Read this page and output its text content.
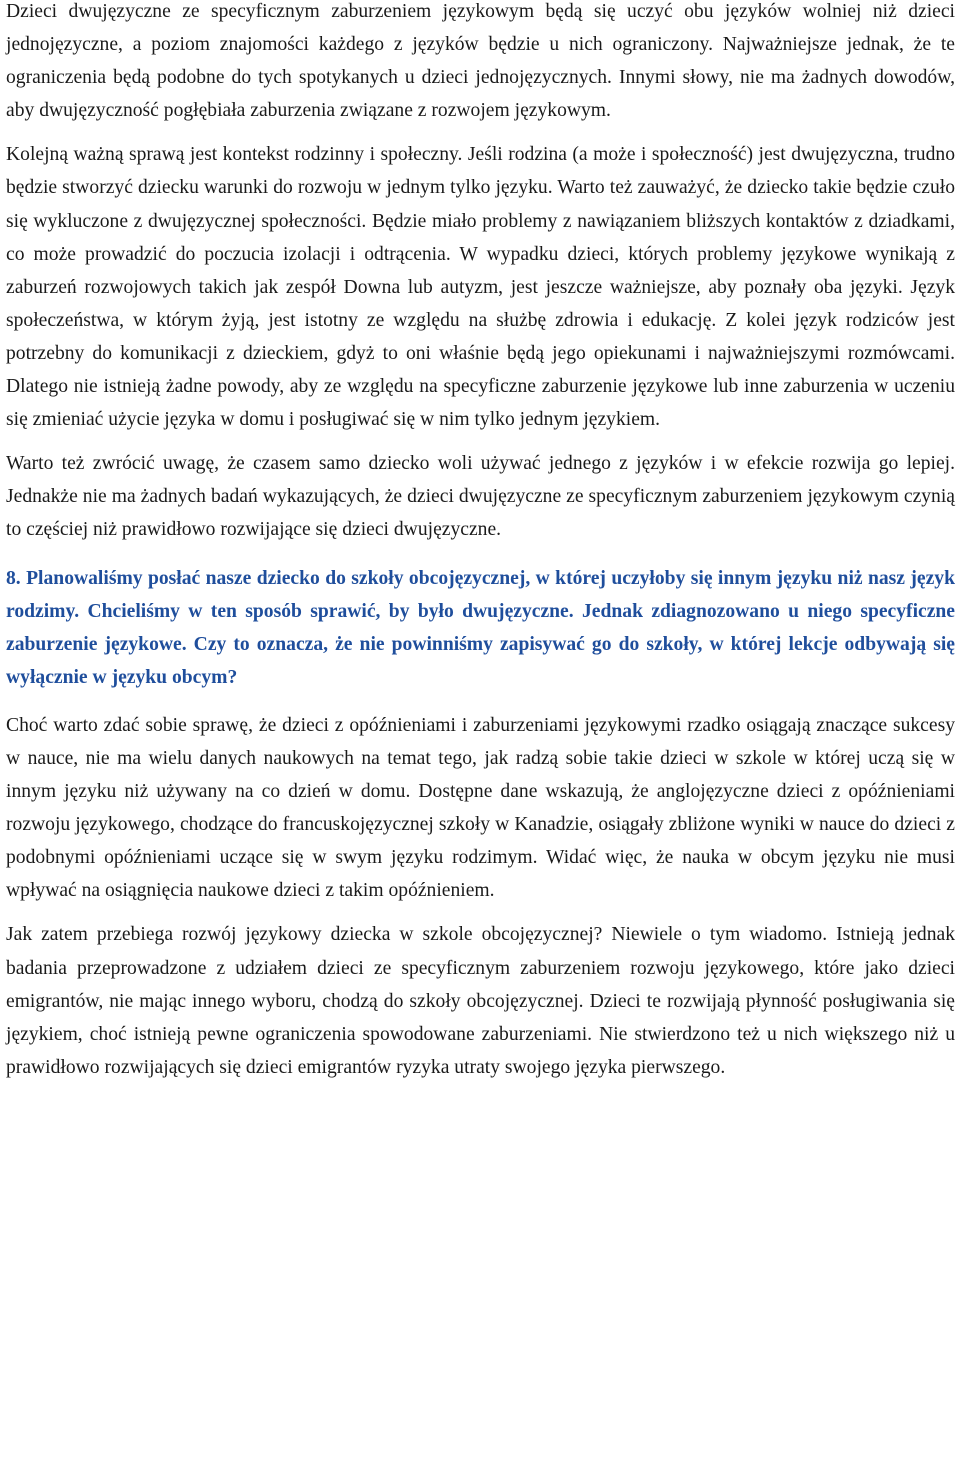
Dzieci dwujęzyczne ze specyficznym zaburzeniem językowym będą się uczyć obu języków wolniej niż dzieci jednojęzyczne, a poziom znajomości każdego z języków będzie u nich ograniczony. Najważniejsze jednak, że te ograniczenia będą podobne do tych spotykanych u dzieci jednojęzycznych. Innymi słowy, nie ma żadnych dowodów, aby dwujęzyczność pogłębiała zaburzenia związane z rozwojem językowym.

Kolejną ważną sprawą jest kontekst rodzinny i społeczny. Jeśli rodzina (a może i społeczność) jest dwujęzyczna, trudno będzie stworzyć dziecku warunki do rozwoju w jednym tylko języku. Warto też zauważyć, że dziecko takie będzie czuło się wykluczone z dwujęzycznej społeczności. Będzie miało problemy z nawiązaniem bliższych kontaktów z dziadkami, co może prowadzić do poczucia izolacji i odtrącenia. W wypadku dzieci, których problemy językowe wynikają z zaburzeń rozwojowych takich jak zespół Downa lub autyzm, jest jeszcze ważniejsze, aby poznały oba języki. Język społeczeństwa, w którym żyją, jest istotny ze względu na służbę zdrowia i edukację. Z kolei język rodziców jest potrzebny do komunikacji z dzieckiem, gdyż to oni właśnie będą jego opiekunami i najważniejszymi rozmówcami. Dlatego nie istnieją żadne powody, aby ze względu na specyficzne zaburzenie językowe lub inne zaburzenia w uczeniu się zmieniać użycie języka w domu i posługiwać się w nim tylko jednym językiem.

Warto też zwrócić uwagę, że czasem samo dziecko woli używać jednego z języków i w efekcie rozwija go lepiej. Jednakże nie ma żadnych badań wykazujących, że dzieci dwujęzyczne ze specyficznym zaburzeniem językowym czynią to częściej niż prawidłowo rozwijające się dzieci dwujęzyczne.

8. Planowaliśmy posłać nasze dziecko do szkoły obcojęzycznej, w której uczyłoby się innym języku niż nasz język rodzimy. Chcieliśmy w ten sposób sprawić, by było dwujęzyczne. Jednak zdiagnozowano u niego specyficzne zaburzenie językowe. Czy to oznacza, że nie powinniśmy zapisywać go do szkoły, w której lekcje odbywają się wyłącznie w języku obcym?

Choć warto zdać sobie sprawę, że dzieci z opóźnieniami i zaburzeniami językowymi rzadko osiągają znaczące sukcesy w nauce, nie ma wielu danych naukowych na temat tego, jak radzą sobie takie dzieci w szkole w której uczą się w innym języku niż używany na co dzień w domu. Dostępne dane wskazują, że anglojęzyczne dzieci z opóźnieniami rozwoju językowego, chodzące do francuskojęzycznej szkoły w Kanadzie, osiągały zbliżone wyniki w nauce do dzieci z podobnymi opóźnieniami uczące się w swym języku rodzimym. Widać więc, że nauka w obcym języku nie musi wpływać na osiągnięcia naukowe dzieci z takim opóźnieniem.

Jak zatem przebiega rozwój językowy dziecka w szkole obcojęzycznej? Niewiele o tym wiadomo. Istnieją jednak badania przeprowadzone z udziałem dzieci ze specyficznym zaburzeniem rozwoju językowego, które jako dzieci emigrantów, nie mając innego wyboru, chodzą do szkoły obcojęzycznej. Dzieci te rozwijają płynność posługiwania się językiem, choć istnieją pewne ograniczenia spowodowane zaburzeniami. Nie stwierdzono też u nich większego niż u prawidłowo rozwijających się dzieci emigrantów ryzyka utraty swojego języka pierwszego.
